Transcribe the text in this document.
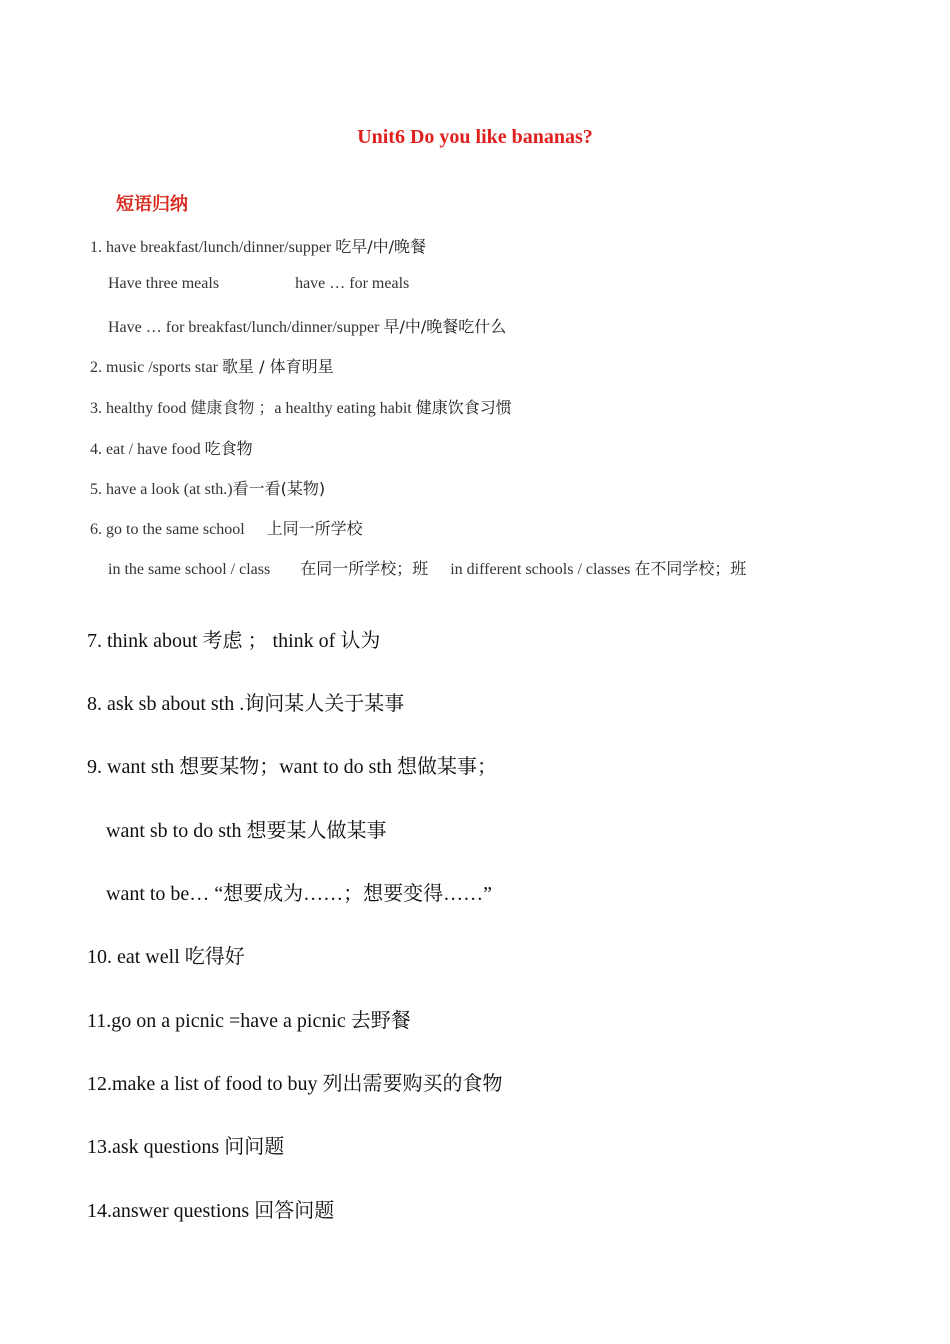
Unit6 Do you like bananas?
短语归纳
1. have breakfast/lunch/dinner/supper 吃早/中/晚餐
Have three meals	have … for meals
Have … for breakfast/lunch/dinner/supper 早/中/晚餐吃什么
2. music /sports star 歌星 / 体育明星
3. healthy food 健康食物 ；a healthy eating habit 健康饮食习惯
4. eat / have food 吃食物
5. have a look (at sth.)看一看(某物)
6. go to the same school 上同一所学校
in the same school / class 在同一所学校；班 in different schools / classes 在不同学校；班
7. think about 考虑 ； think of 认为
8. ask sb about sth .询问某人关于某事
9. want sth 想要某物；want to do sth 想做某事；
want sb to do sth 想要某人做某事
want to be… “想要成为……；想要变得……”
10. eat well 吃得好
11.go on a picnic =have a picnic 去野餐
12.make a list of food to buy 列出需要购买的食物
13.ask questions 问问题
14.answer questions 回答问题
